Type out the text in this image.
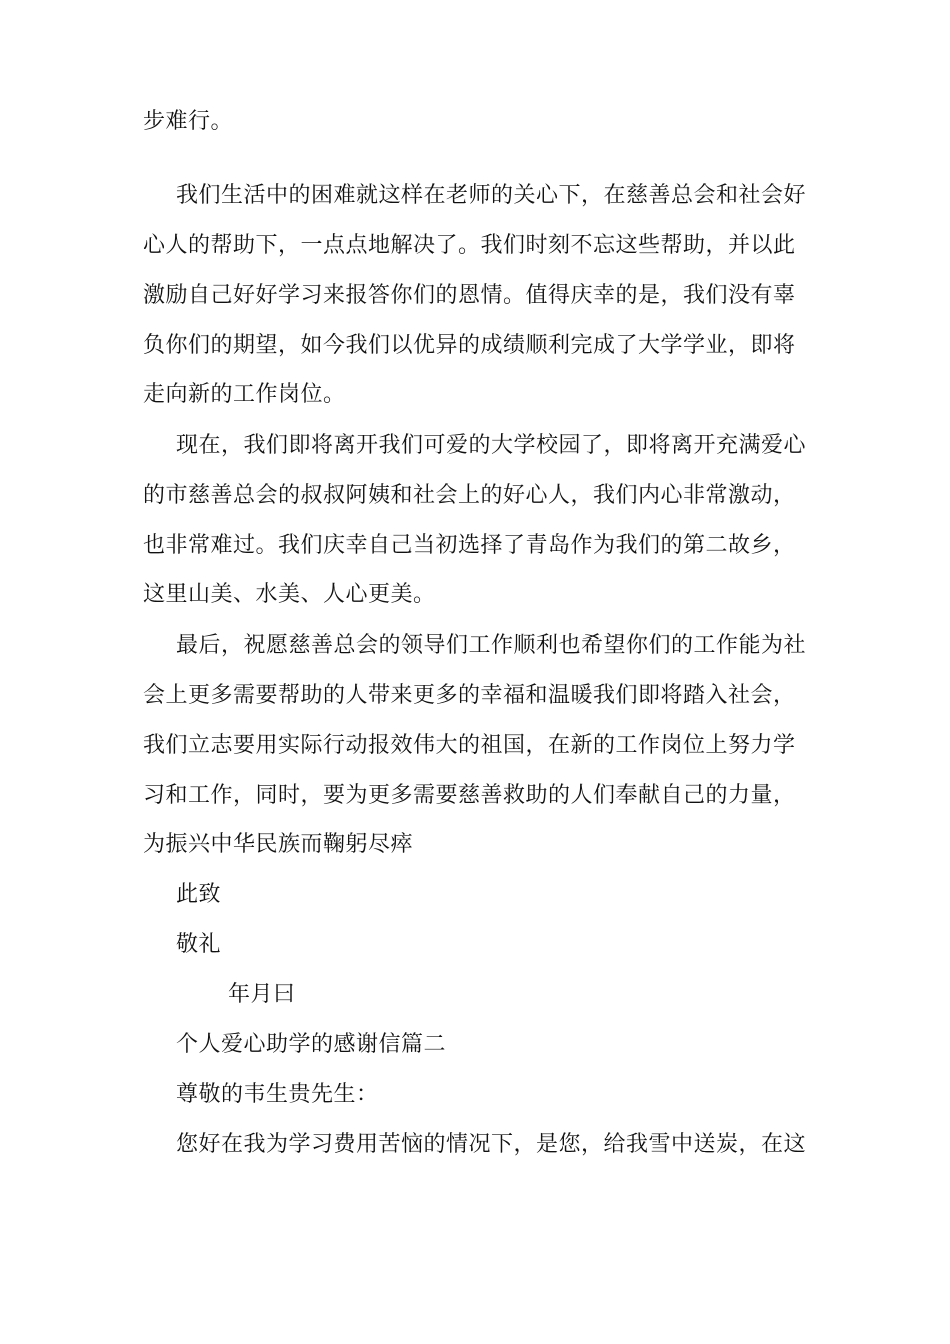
步难行。
我们生活中的困难就这样在老师的关心下，在慈善总会和社会好
心人的帮助下，一点点地解决了。我们时刻不忘这些帮助，并以此
激励自己好好学习来报答你们的恩情。值得庆幸的是，我们没有辜
负你们的期望，如今我们以优异的成绩顺利完成了大学学业，即将
走向新的工作岗位。
现在，我们即将离开我们可爱的大学校园了，即将离开充满爱心
的市慈善总会的叔叔阿姨和社会上的好心人，我们内心非常激动，
也非常难过。我们庆幸自己当初选择了青岛作为我们的第二故乡，
这里山美、水美、人心更美。
最后，祝愿慈善总会的领导们工作顺利也希望你们的工作能为社
会上更多需要帮助的人带来更多的幸福和温暖我们即将踏入社会，
我们立志要用实际行动报效伟大的祖国，在新的工作岗位上努力学
习和工作，同时，要为更多需要慈善救助的人们奉献自己的力量，
为振兴中华民族而鞠躬尽瘁
此致
敬礼
年月曰
个人爱心助学的感谢信篇二
尊敬的韦生贵先生：
您好在我为学习费用苦恼的情况下，是您，给我雪中送炭，在这
